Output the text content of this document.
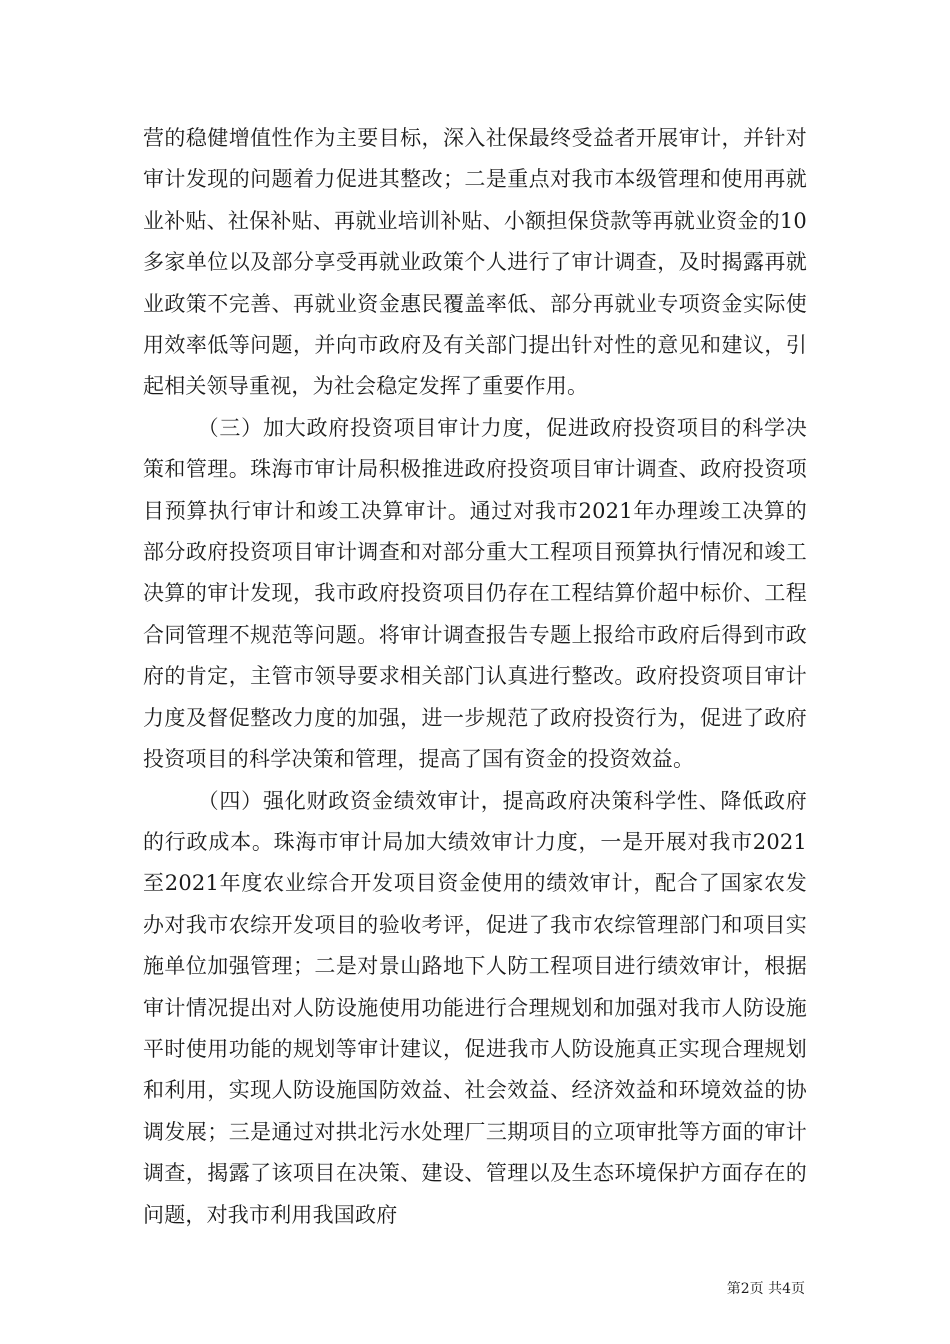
营的稳健增值性作为主要目标，深入社保最终受益者开展审计，并针对审计发现的问题着力促进其整改；二是重点对我市本级管理和使用再就业补贴、社保补贴、再就业培训补贴、小额担保贷款等再就业资金的10多家单位以及部分享受再就业政策个人进行了审计调查，及时揭露再就业政策不完善、再就业资金惠民覆盖率低、部分再就业专项资金实际使用效率低等问题，并向市政府及有关部门提出针对性的意见和建议，引起相关领导重视，为社会稳定发挥了重要作用。

（三）加大政府投资项目审计力度，促进政府投资项目的科学决策和管理。珠海市审计局积极推进政府投资项目审计调查、政府投资项目预算执行审计和竣工决算审计。通过对我市2021年办理竣工决算的部分政府投资项目审计调查和对部分重大工程项目预算执行情况和竣工决算的审计发现，我市政府投资项目仍存在工程结算价超中标价、工程合同管理不规范等问题。将审计调查报告专题上报给市政府后得到市政府的肯定，主管市领导要求相关部门认真进行整改。政府投资项目审计力度及督促整改力度的加强，进一步规范了政府投资行为，促进了政府投资项目的科学决策和管理，提高了国有资金的投资效益。

（四）强化财政资金绩效审计，提高政府决策科学性、降低政府的行政成本。珠海市审计局加大绩效审计力度，一是开展对我市2021至2021年度农业综合开发项目资金使用的绩效审计，配合了国家农发办对我市农综开发项目的验收考评，促进了我市农综管理部门和项目实施单位加强管理；二是对景山路地下人防工程项目进行绩效审计，根据审计情况提出对人防设施使用功能进行合理规划和加强对我市人防设施平时使用功能的规划等审计建议，促进我市人防设施真正实现合理规划和利用，实现人防设施国防效益、社会效益、经济效益和环境效益的协调发展；三是通过对拱北污水处理厂三期项目的立项审批等方面的审计调查，揭露了该项目在决策、建设、管理以及生态环境保护方面存在的问题，对我市利用我国政府

第2页 共4页
